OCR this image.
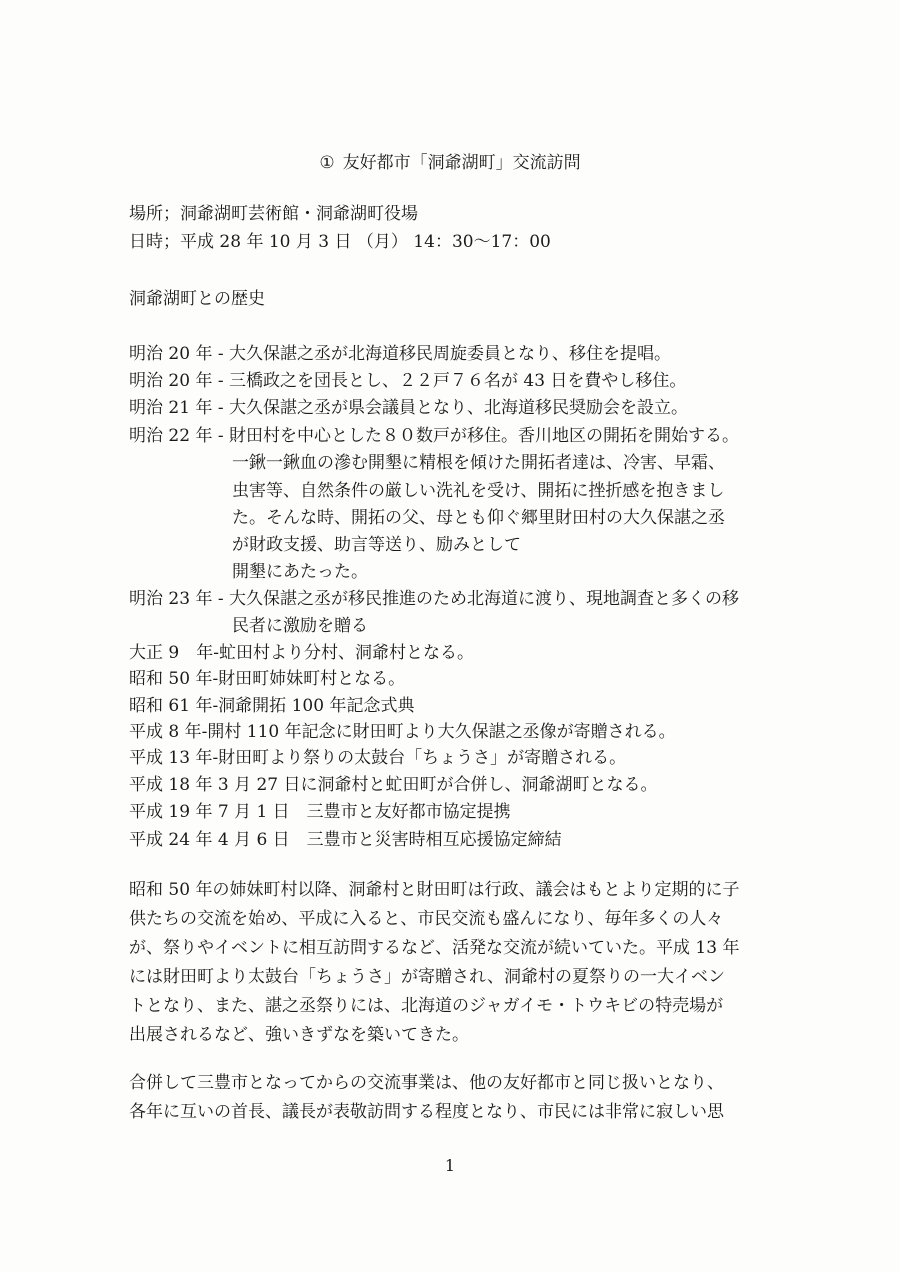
① 友好都市「洞爺湖町」交流訪問
場所；洞爺湖町芸術館・洞爺湖町役場
日時；平成 28 年 10 月 3 日 （月） 14：30～17：00
洞爺湖町との歴史
明治 20 年 - 大久保諶之丞が北海道移民周旋委員となり、移住を提唱。
明治 20 年 - 三橋政之を団長とし、２２戸７６名が 43 日を費やし移住。
明治 21 年 - 大久保諶之丞が県会議員となり、北海道移民奨励会を設立。
明治 22 年 - 財田村を中心とした８０数戸が移住。香川地区の開拓を開始する。
一鍬一鍬血の滲む開墾に精根を傾けた開拓者達は、冷害、早霜、
虫害等、自然条件の厳しい洗礼を受け、開拓に挫折感を抱きまし
た。そんな時、開拓の父、母とも仰ぐ郷里財田村の大久保諶之丞
が財政支援、助言等送り、励みとして
開墾にあたった。
明治 23 年 - 大久保諶之丞が移民推進のため北海道に渡り、現地調査と多くの移
民者に激励を贈る
大正 9　年-虻田村より分村、洞爺村となる。
昭和 50 年-財田町姉妹町村となる。
昭和 61 年-洞爺開拓 100 年記念式典
平成 8 年-開村 110 年記念に財田町より大久保諶之丞像が寄贈される。
平成 13 年-財田町より祭りの太鼓台「ちょうさ」が寄贈される。
平成 18 年 3 月 27 日に洞爺村と虻田町が合併し、洞爺湖町となる。
平成 19 年 7 月 1 日　三豊市と友好都市協定提携
平成 24 年 4 月 6 日　三豊市と災害時相互応援協定締結
昭和 50 年の姉妹町村以降、洞爺村と財田町は行政、議会はもとより定期的に子
供たちの交流を始め、平成に入ると、市民交流も盛んになり、毎年多くの人々
が、祭りやイベントに相互訪問するなど、活発な交流が続いていた。平成 13 年
には財田町より太鼓台「ちょうさ」が寄贈され、洞爺村の夏祭りの一大イベン
トとなり、また、諶之丞祭りには、北海道のジャガイモ・トウキビの特売場が
出展されるなど、強いきずなを築いてきた。
合併して三豊市となってからの交流事業は、他の友好都市と同じ扱いとなり、
各年に互いの首長、議長が表敬訪問する程度となり、市民には非常に寂しい思
1
